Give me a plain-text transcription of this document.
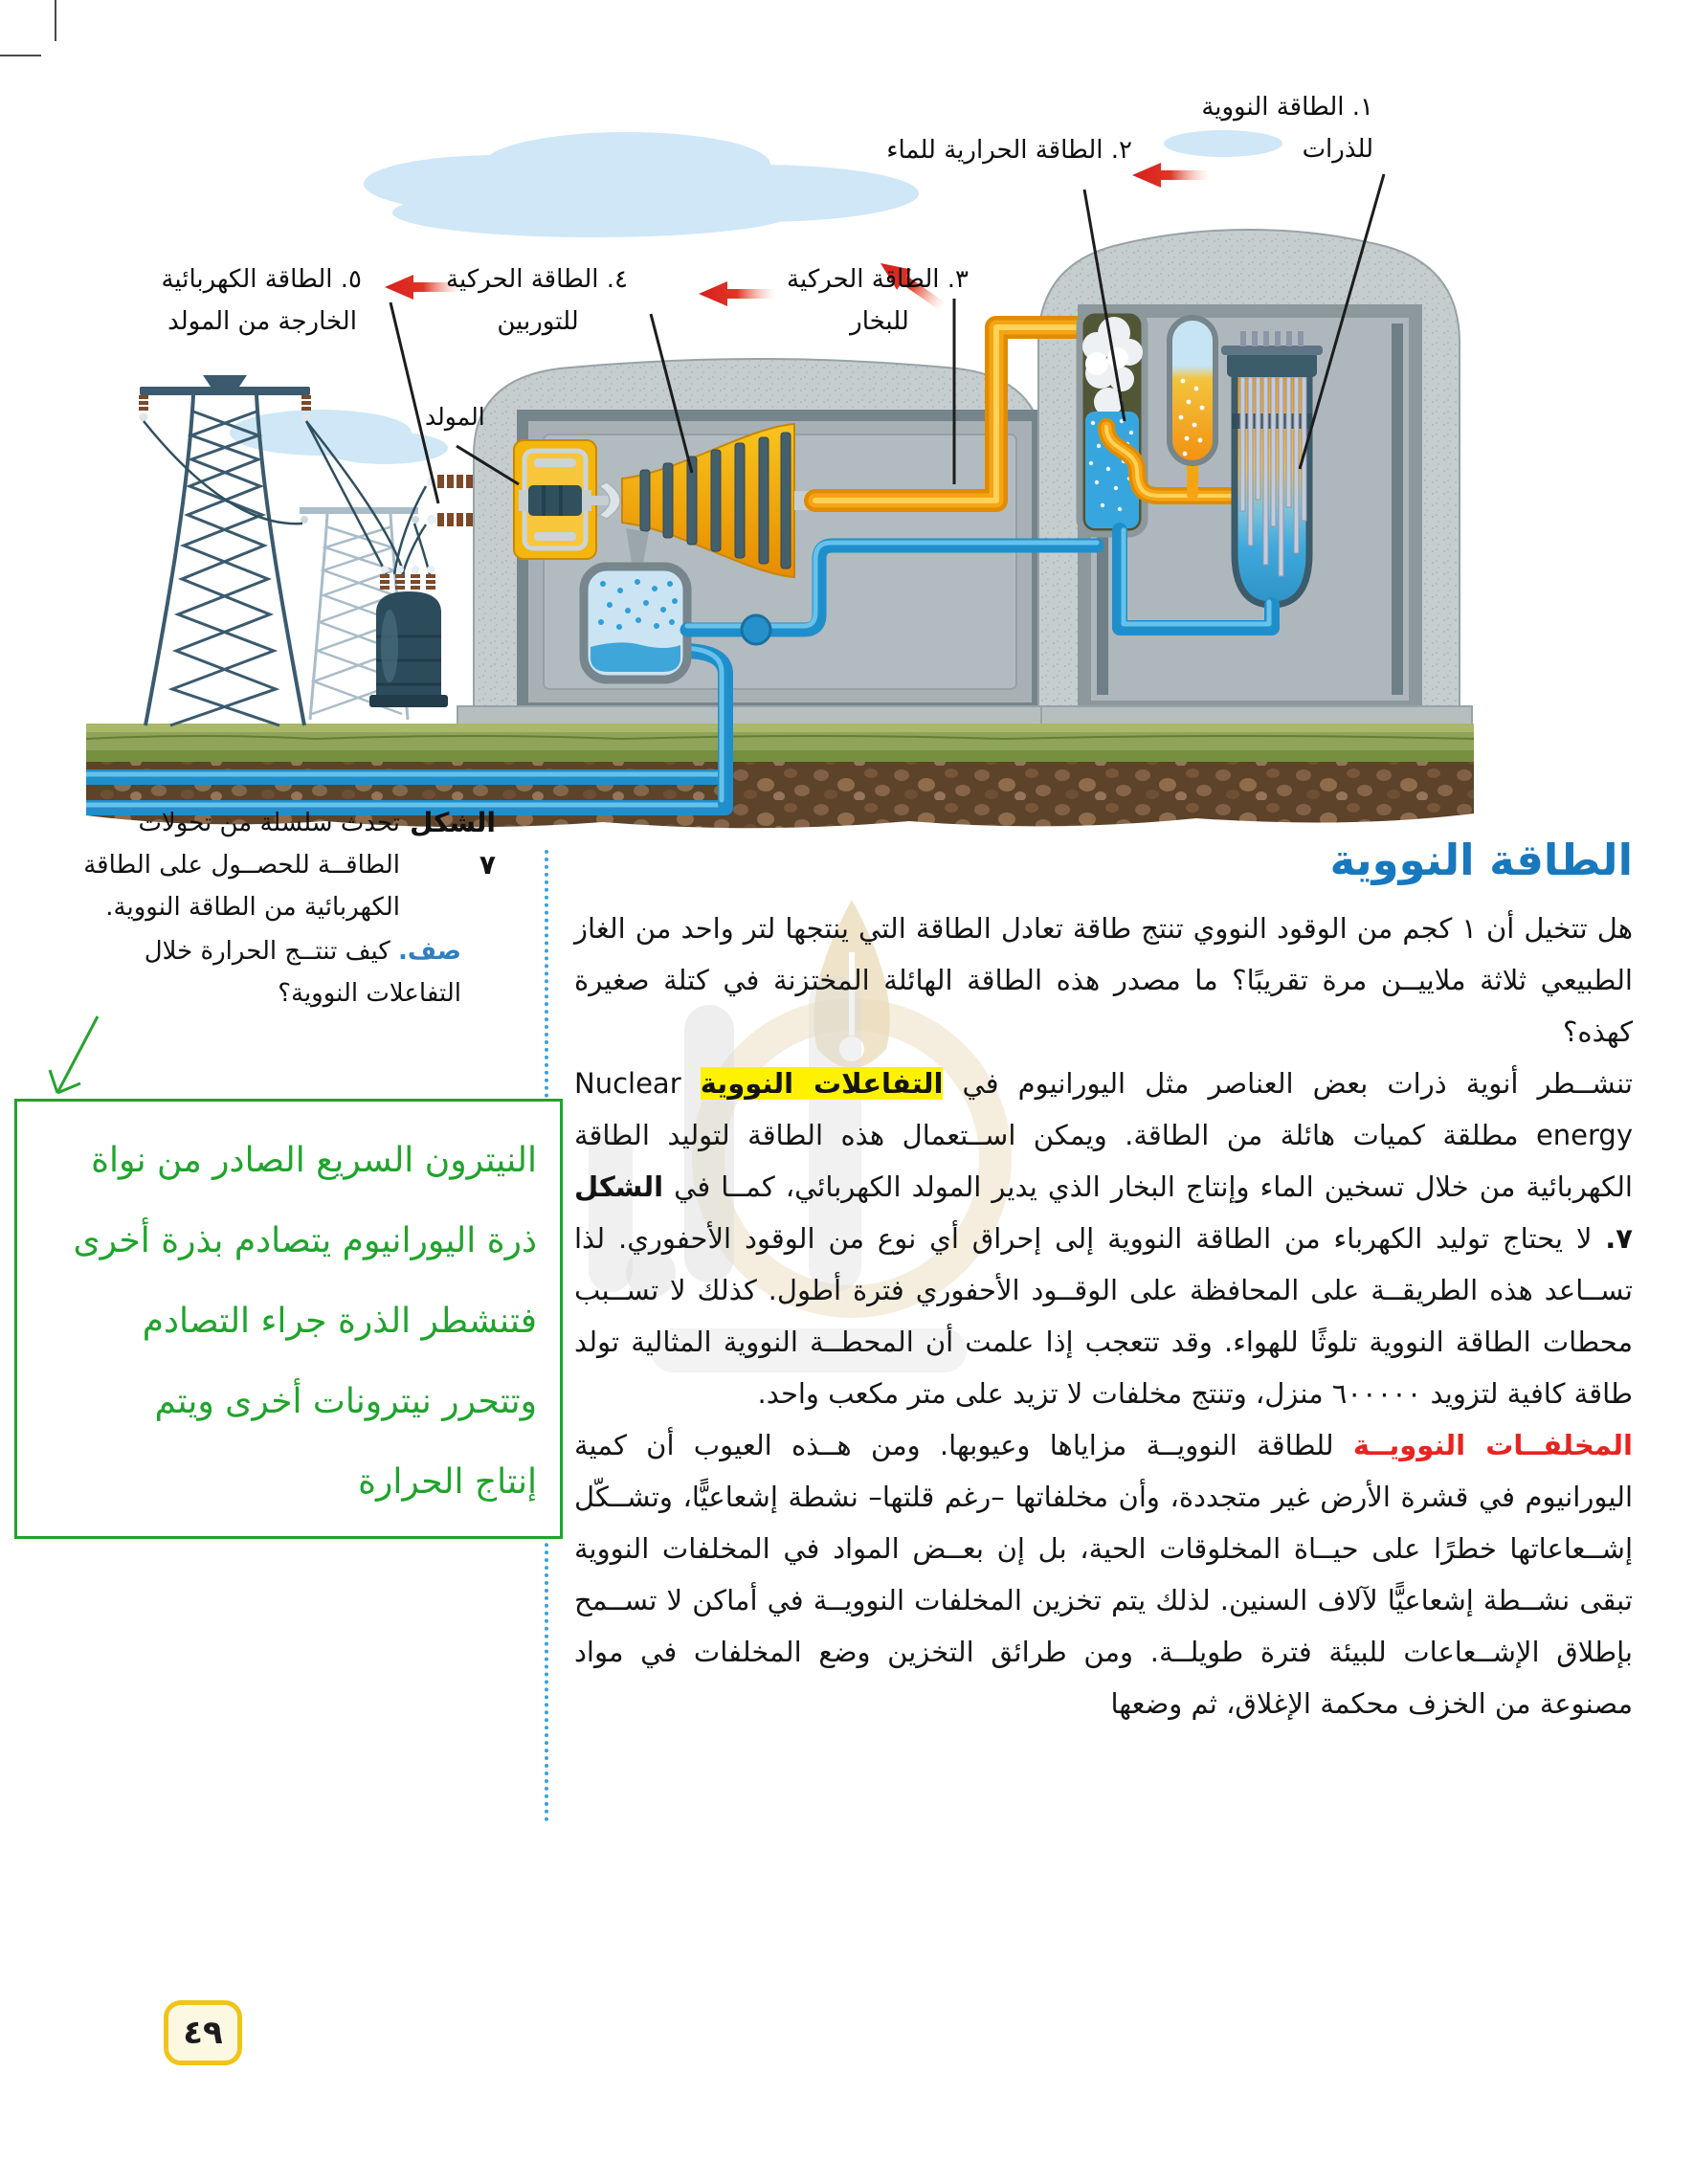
١. الطاقة النووية
للذرات
٢. الطاقة الحرارية للماء
٣. الطاقة الحركية
للبخار
٤. الطاقة الحركية
للتوربين
٥. الطاقة الكهربائية
الخارجة من المولد
المولد
الشكل ٧
تحدث سلسلة من تحولات الطاقــة للحصــول على الطاقة الكهربائية من الطاقة النووية.
صف. كيف تنتــج الحرارة خلال التفاعلات النووية؟
النيترون السريع الصادر من نواة
ذرة اليورانيوم يتصادم بذرة أخرى
فتنشطر الذرة جراء التصادم
وتتحرر نيترونات أخرى ويتم
إنتاج الحرارة
الطاقة النووية

هل تتخيل أن ١ كجم من الوقود النووي تنتج طاقة تعادل الطاقة التي ينتجها لتر واحد من الغاز الطبيعي ثلاثة ملاييــن مرة تقريبًا؟ ما مصدر هذه الطاقة الهائلة المختزنة في كتلة صغيرة كهذه؟

تنشــطر أنوية ذرات بعض العناصر مثل اليورانيوم في التفاعلات النووية Nuclear energy مطلقة كميات هائلة من الطاقة. ويمكن اســتعمال هذه الطاقة لتوليد الطاقة الكهربائية من خلال تسخين الماء وإنتاج البخار الذي يدير المولد الكهربائي، كمــا في الشكل ٧. لا يحتاج توليد الكهرباء من الطاقة النووية إلى إحراق أي نوع من الوقود الأحفوري. لذا تســاعد هذه الطريقــة على المحافظة على الوقــود الأحفوري فترة أطول. كذلك لا تســبب محطات الطاقة النووية تلوثًا للهواء. وقد تتعجب إذا علمت أن المحطــة النووية المثالية تولد طاقة كافية لتزويد ٦٠٠٠٠٠ منزل، وتنتج مخلفات لا تزيد على متر مكعب واحد.

المخلفــات النوويــة للطاقة النوويــة مزاياها وعيوبها. ومن هــذه العيوب أن كمية اليورانيوم في قشرة الأرض غير متجددة، وأن مخلفاتها –رغم قلتها– نشطة إشعاعيًّا، وتشــكّل إشــعاعاتها خطرًا على حيــاة المخلوقات الحية، بل إن بعــض المواد في المخلفات النووية تبقى نشــطة إشعاعيًّا لآلاف السنين. لذلك يتم تخزين المخلفات النوويــة في أماكن لا تســمح بإطلاق الإشــعاعات للبيئة فترة طويلــة. ومن طرائق التخزين وضع المخلفات في مواد مصنوعة من الخزف محكمة الإغلاق، ثم وضعها

٤٩
